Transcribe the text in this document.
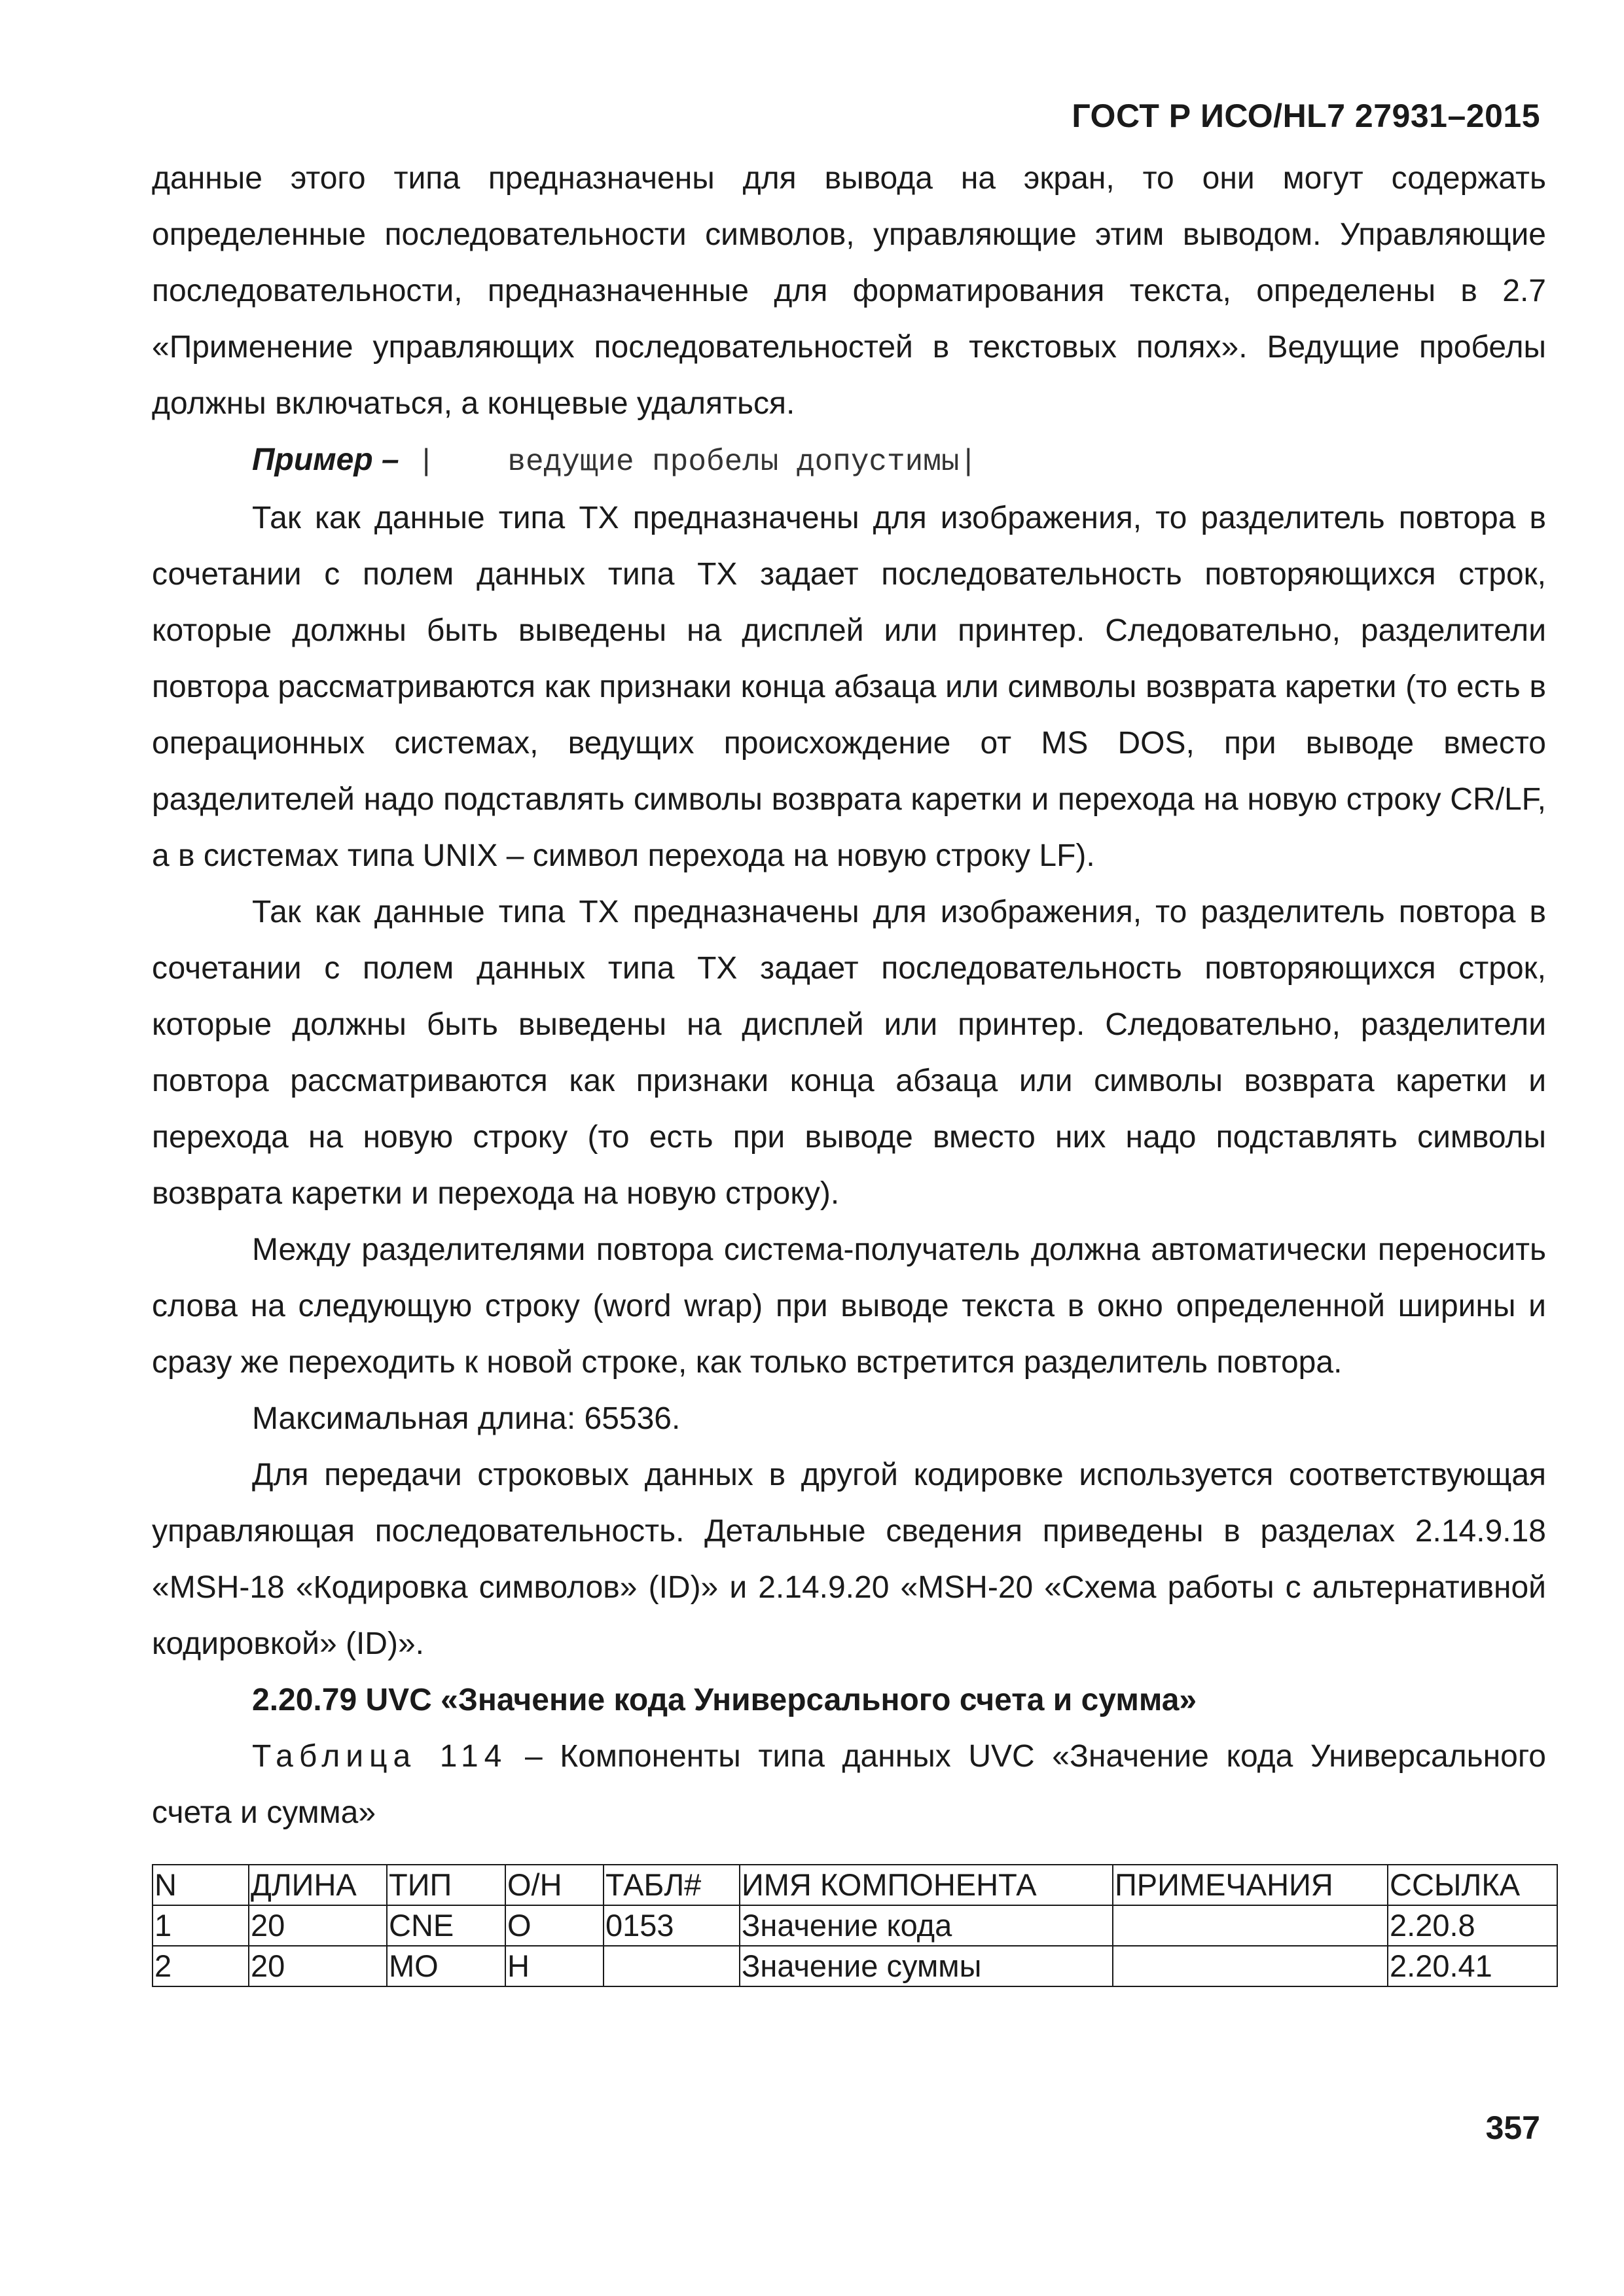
ГОСТ Р ИСО/HL7 27931–2015

данные этого типа предназначены для вывода на экран, то они могут содержать определенные последовательности символов, управляющие этим выводом. Управляющие последовательности, предназначенные для форматирования текста, определены в 2.7 «Применение управляющих последовательностей в текстовых полях». Ведущие пробелы должны включаться, а концевые удаляться.

Пример – |    ведущие пробелы допустимы|

Так как данные типа TX предназначены для изображения, то разделитель повтора в сочетании с полем данных типа TX задает последовательность повторяющихся строк, которые должны быть выведены на дисплей или принтер. Следовательно, разделители повтора рассматриваются как признаки конца абзаца или символы возврата каретки (то есть в операционных системах, ведущих происхождение от MS DOS, при выводе вместо разделителей надо подставлять символы возврата каретки и перехода на новую строку CR/LF, а в системах типа UNIX – символ перехода на новую строку LF).

Так как данные типа TX предназначены для изображения, то разделитель повтора в сочетании с полем данных типа TX задает последовательность повторяющихся строк, которые должны быть выведены на дисплей или принтер. Следовательно, разделители повтора рассматриваются как признаки конца абзаца или символы возврата каретки и перехода на новую строку (то есть при выводе вместо них надо подставлять символы возврата каретки и перехода на новую строку).

Между разделителями повтора система-получатель должна автоматически переносить слова на следующую строку (word wrap) при выводе текста в окно определенной ширины и сразу же переходить к новой строке, как только встретится разделитель повтора.

Максимальная длина: 65536.

Для передачи строковых данных в другой кодировке используется соответствующая управляющая последовательность. Детальные сведения приведены в разделах 2.14.9.18 «MSH-18 «Кодировка символов» (ID)» и 2.14.9.20 «MSH-20 «Схема работы с альтернативной кодировкой» (ID)».

2.20.79 UVC «Значение кода Универсального счета и сумма»

Таблица 114 – Компоненты типа данных UVC «Значение кода Универсального счета и сумма»

N	ДЛИНА	ТИП	О/Н	ТАБЛ#	ИМЯ КОМПОНЕНТА	ПРИМЕЧАНИЯ	ССЫЛКА
1	20	CNE	О	0153	Значение кода		2.20.8
2	20	MO	Н		Значение суммы		2.20.41
357
